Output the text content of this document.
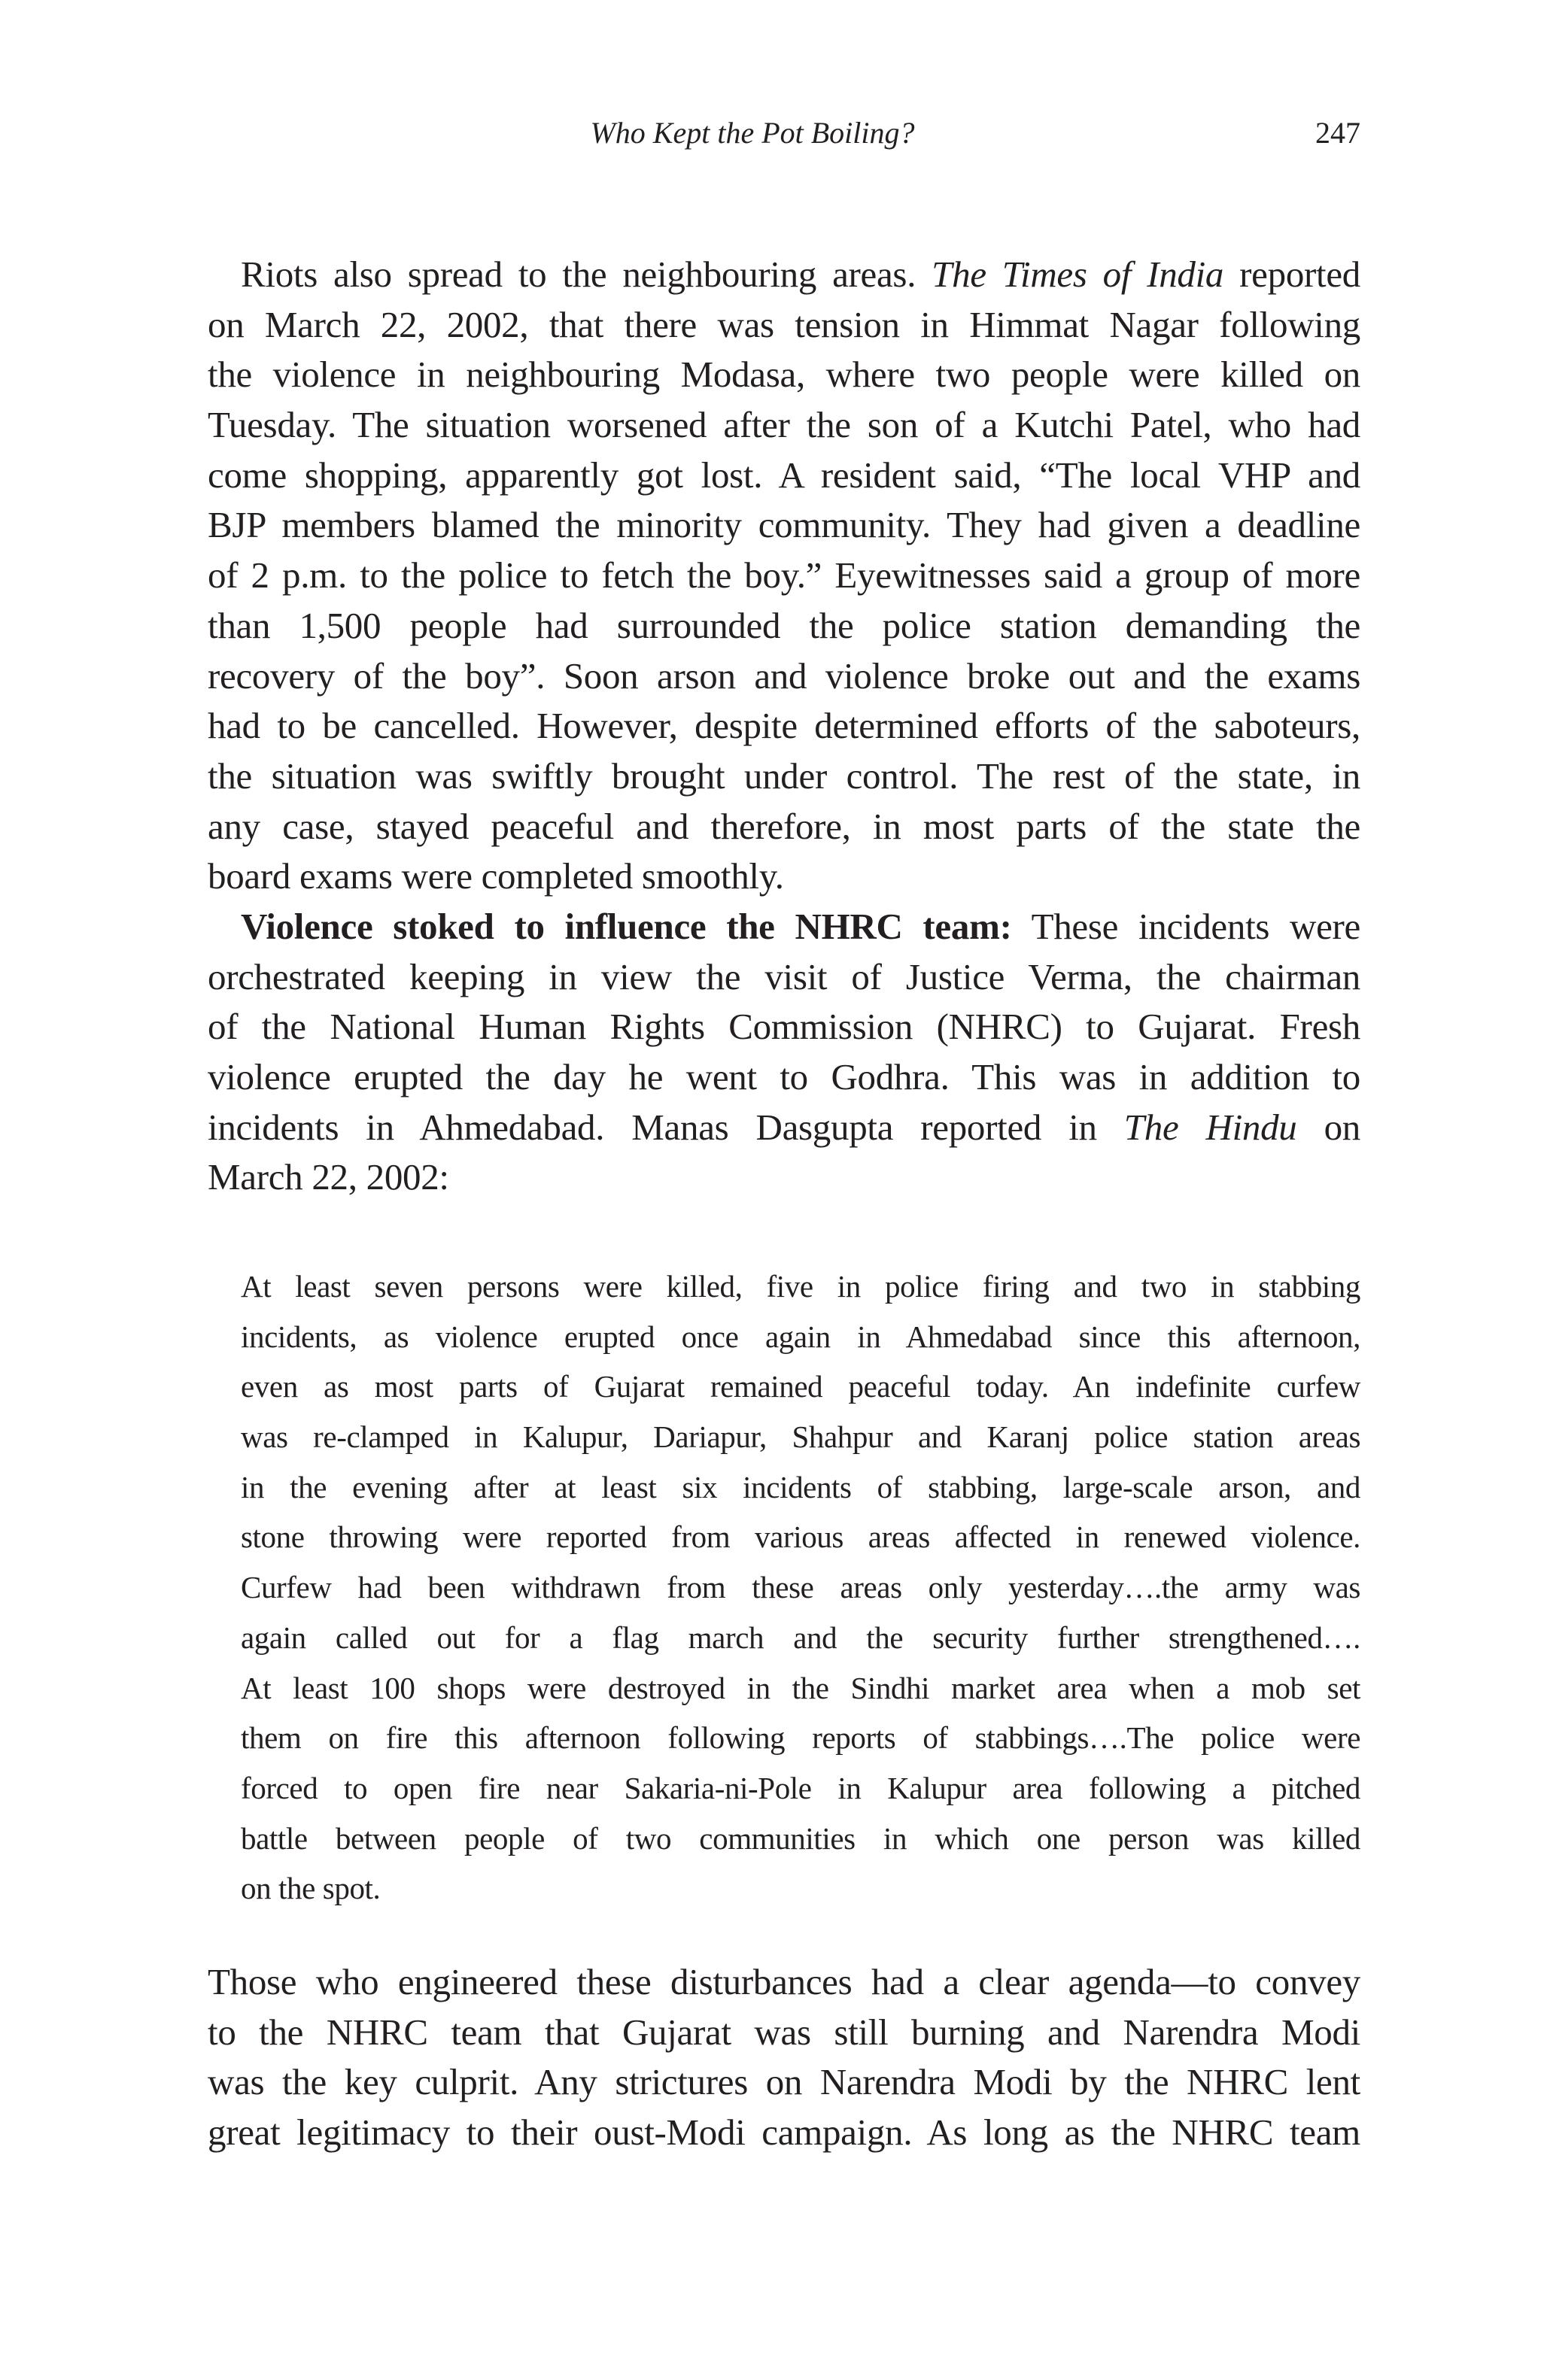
Who Kept the Pot Boiling?	247
Riots also spread to the neighbouring areas. The Times of India reported
on March 22, 2002, that there was tension in Himmat Nagar following
the violence in neighbouring Modasa, where two people were killed on
Tuesday. The situation worsened after the son of a Kutchi Patel, who had
come shopping, apparently got lost. A resident said, “The local VHP and
BJP members blamed the minority community. They had given a deadline
of 2 p.m. to the police to fetch the boy.” Eyewitnesses said a group of more
than 1,500 people had surrounded the police station demanding the
recovery of the boy”. Soon arson and violence broke out and the exams
had to be cancelled. However, despite determined efforts of the saboteurs,
the situation was swiftly brought under control. The rest of the state, in
any case, stayed peaceful and therefore, in most parts of the state the
board exams were completed smoothly.
Violence stoked to influence the NHRC team: These incidents were
orchestrated keeping in view the visit of Justice Verma, the chairman
of the National Human Rights Commission (NHRC) to Gujarat. Fresh
violence erupted the day he went to Godhra. This was in addition to
incidents in Ahmedabad. Manas Dasgupta reported in The Hindu on
March 22, 2002:
At least seven persons were killed, five in police firing and two in stabbing
incidents, as violence erupted once again in Ahmedabad since this afternoon,
even as most parts of Gujarat remained peaceful today. An indefinite curfew
was re-clamped in Kalupur, Dariapur, Shahpur and Karanj police station areas
in the evening after at least six incidents of stabbing, large-scale arson, and
stone throwing were reported from various areas affected in renewed violence.
Curfew had been withdrawn from these areas only yesterday….the army was
again called out for a flag march and the security further strengthened….
At least 100 shops were destroyed in the Sindhi market area when a mob set
them on fire this afternoon following reports of stabbings….The police were
forced to open fire near Sakaria-ni-Pole in Kalupur area following a pitched
battle between people of two communities in which one person was killed
on the spot.
Those who engineered these disturbances had a clear agenda—to convey
to the NHRC team that Gujarat was still burning and Narendra Modi
was the key culprit. Any strictures on Narendra Modi by the NHRC lent
great legitimacy to their oust-Modi campaign. As long as the NHRC team
